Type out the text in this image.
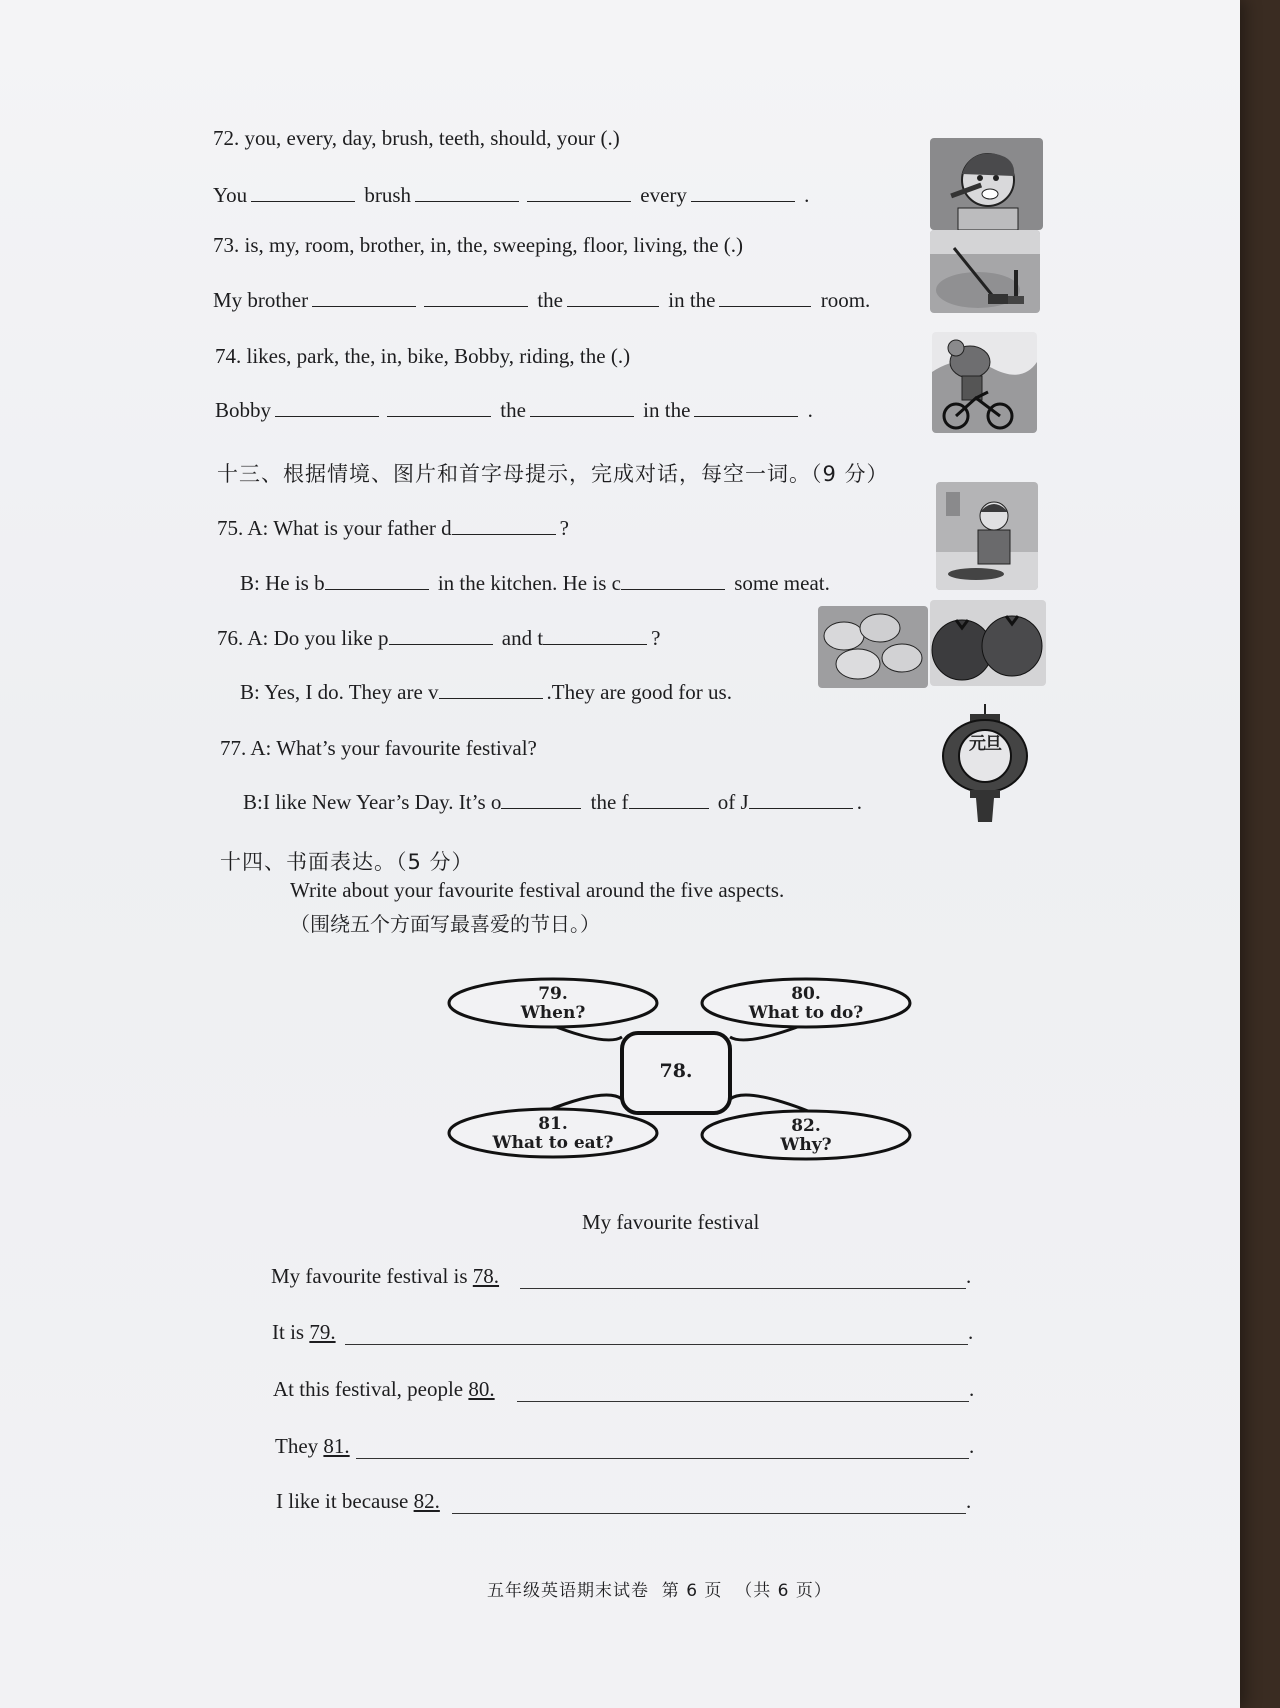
72. you, every, day, brush, teeth, should, your (.)
You	brush	every	.
73. is, my, room, brother, in, the, sweeping, floor, living, the (.)
My brother	the	in the	room.
74. likes, park, the, in, bike, Bobby, riding, the (.)
Bobby	the	in the	.
十三、根据情境、图片和首字母提示，完成对话，每空一词。（9 分）
75. A: What is your father d	?
B: He is b	in the kitchen. He is c	some meat.
76. A: Do you like p	and t	?
B: Yes, I do. They are v	.They are good for us.
77. A: What’s your favourite festival?
B:I like New Year’s Day. It’s o	the f	of J	.
元旦
十四、书面表达。（5 分）
Write about your favourite festival around the five aspects.
（围绕五个方面写最喜爱的节日。）
79.
When?
80.
What to do?
78.
81.
What to eat?
82.
Why?
My favourite festival
My favourite festival is 78.	.
It is 79.	.
At this festival, people 80.	.
They 81.	.
I like it because 82.	.
五年级英语期末试卷  第 6 页  （共 6 页）
